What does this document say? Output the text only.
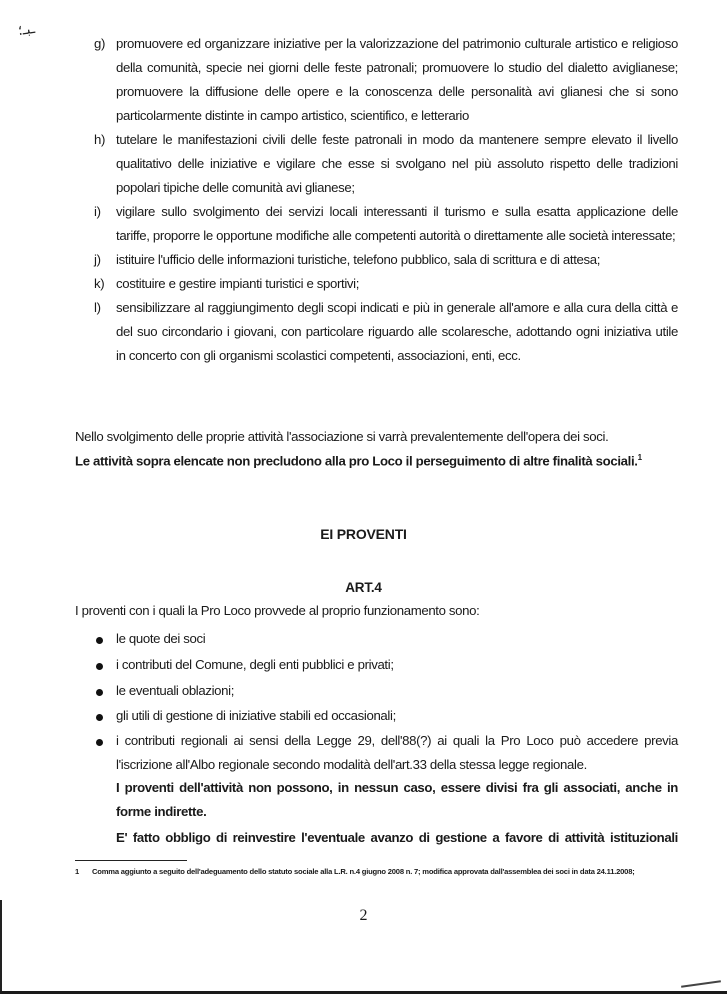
ـبـ؛
g) promuovere ed organizzare iniziative per la valorizzazione del patrimonio culturale artistico e religioso
della comunità, specie nei giorni delle feste patronali; promuovere lo studio del dialetto aviglianese;
promuovere la diffusione delle opere e la conoscenza delle personalità avi glianesi che si sono
particolarmente distinte in campo artistico, scientifico, e letterario
h) tutelare le manifestazioni civili delle feste patronali in modo da mantenere sempre elevato il livello
qualitativo delle iniziative e vigilare che esse si svolgano nel più assoluto rispetto delle tradizioni
popolari tipiche delle comunità avi glianese;
i)	vigilare sullo svolgimento dei servizi locali interessanti il turismo e sulla esatta applicazione delle
tariffe, proporre le opportune modifiche alle competenti autorità o direttamente alle società interessate;
j)	istituire l'ufficio delle informazioni turistiche, telefono pubblico, sala di scrittura e di attesa;
k) costituire e gestire impianti turistici e sportivi;
l)	sensibilizzare al raggiungimento degli scopi indicati e più in generale all'amore e alla cura della città e
del suo circondario i giovani, con particolare riguardo alle scolaresche, adottando ogni iniziativa utile
in concerto con gli organismi scolastici competenti, associazioni, enti, ecc.
Nello svolgimento delle proprie attività l'associazione si varrà prevalentemente dell'opera dei soci.
Le attività sopra elencate non precludono alla pro Loco il perseguimento di altre finalità sociali.$^1$
EI PROVENTI
ART.4
I proventi con i quali la Pro Loco provvede al proprio funzionamento sono:
le quote dei soci
i contributi del Comune, degli enti pubblici e privati;
le eventuali oblazioni;
gli utili di gestione di iniziative stabili ed occasionali;
i contributi regionali ai sensi della Legge 29, dell'88(?) ai quali la Pro Loco può accedere previa
l'iscrizione all'Albo regionale secondo modalità dell'art.33 della stessa legge regionale.
I proventi dell'attività non possono, in nessun caso, essere divisi fra gli associati, anche in
forme indirette.
E' fatto obbligo di reinvestire l'eventuale avanzo di gestione a favore di attività istituzionali
1 Comma aggiunto a seguito dell'adeguamento dello statuto sociale alla L.R. n.4 giugno 2008 n. 7; modifica approvata dall'assemblea dei soci in data 24.11.2008;
2
